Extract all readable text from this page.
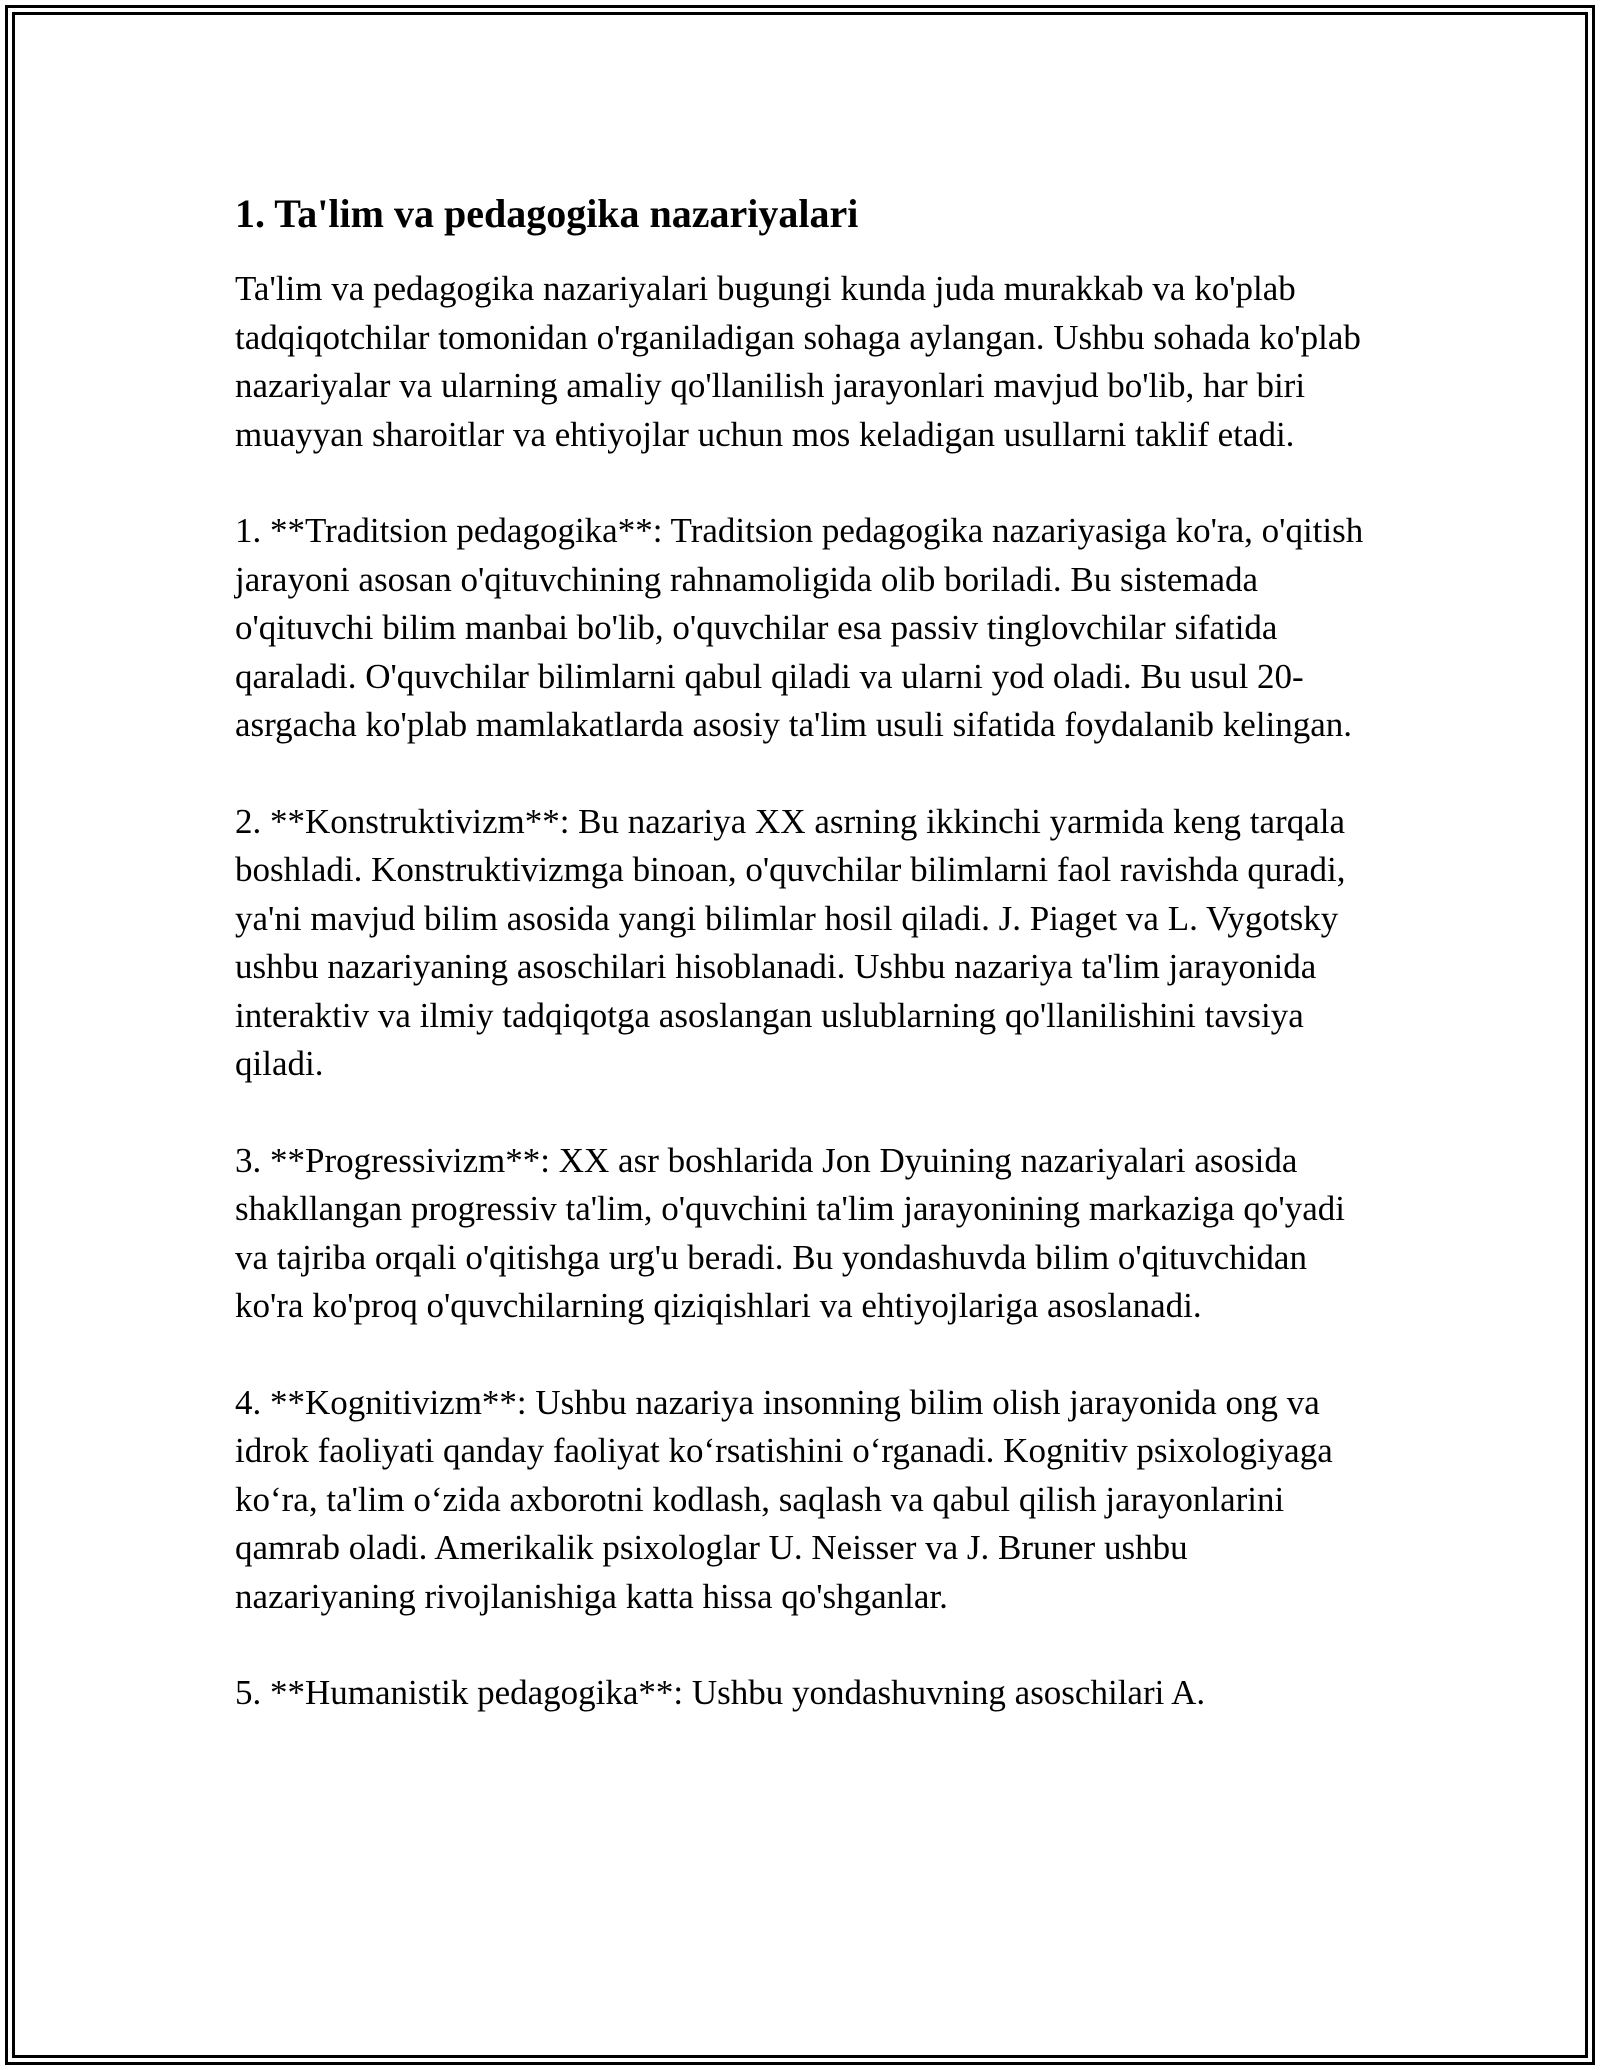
1. Ta'lim va pedagogika nazariyalari

Ta'lim va pedagogika nazariyalari bugungi kunda juda murakkab va ko'plab tadqiqotchilar tomonidan o'rganiladigan sohaga aylangan. Ushbu sohada ko'plab nazariyalar va ularning amaliy qo'llanilish jarayonlari mavjud bo'lib, har biri muayyan sharoitlar va ehtiyojlar uchun mos keladigan usullarni taklif etadi.

1. **Traditsion pedagogika**: Traditsion pedagogika nazariyasiga ko'ra, o'qitish jarayoni asosan o'qituvchining rahnamoligida olib boriladi. Bu sistemada o'qituvchi bilim manbai bo'lib, o'quvchilar esa passiv tinglovchilar sifatida qaraladi. O'quvchilar bilimlarni qabul qiladi va ularni yod oladi. Bu usul 20-asrgacha ko'plab mamlakatlarda asosiy ta'lim usuli sifatida foydalanib kelingan.

2. **Konstruktivizm**: Bu nazariya XX asrning ikkinchi yarmida keng tarqala boshladi. Konstruktivizmga binoan, o'quvchilar bilimlarni faol ravishda quradi, ya'ni mavjud bilim asosida yangi bilimlar hosil qiladi. J. Piaget va L. Vygotsky ushbu nazariyaning asoschilari hisoblanadi. Ushbu nazariya ta'lim jarayonida interaktiv va ilmiy tadqiqotga asoslangan uslublarning qo'llanilishini tavsiya qiladi.

3. **Progressivizm**: XX asr boshlarida Jon Dyuining nazariyalari asosida shakllangan progressiv ta'lim, o'quvchini ta'lim jarayonining markaziga qo'yadi va tajriba orqali o'qitishga urg'u beradi. Bu yondashuvda bilim o'qituvchidan ko'ra ko'proq o'quvchilarning qiziqishlari va ehtiyojlariga asoslanadi.

4. **Kognitivizm**: Ushbu nazariya insonning bilim olish jarayonida ong va idrok faoliyati qanday faoliyat ko‘rsatishini o‘rganadi. Kognitiv psixologiyaga ko‘ra, ta'lim o‘zida axborotni kodlash, saqlash va qabul qilish jarayonlarini qamrab oladi. Amerikalik psixologlar U. Neisser va J. Bruner ushbu nazariyaning rivojlanishiga katta hissa qo'shganlar.

5. **Humanistik pedagogika**: Ushbu yondashuvning asoschilari A.
